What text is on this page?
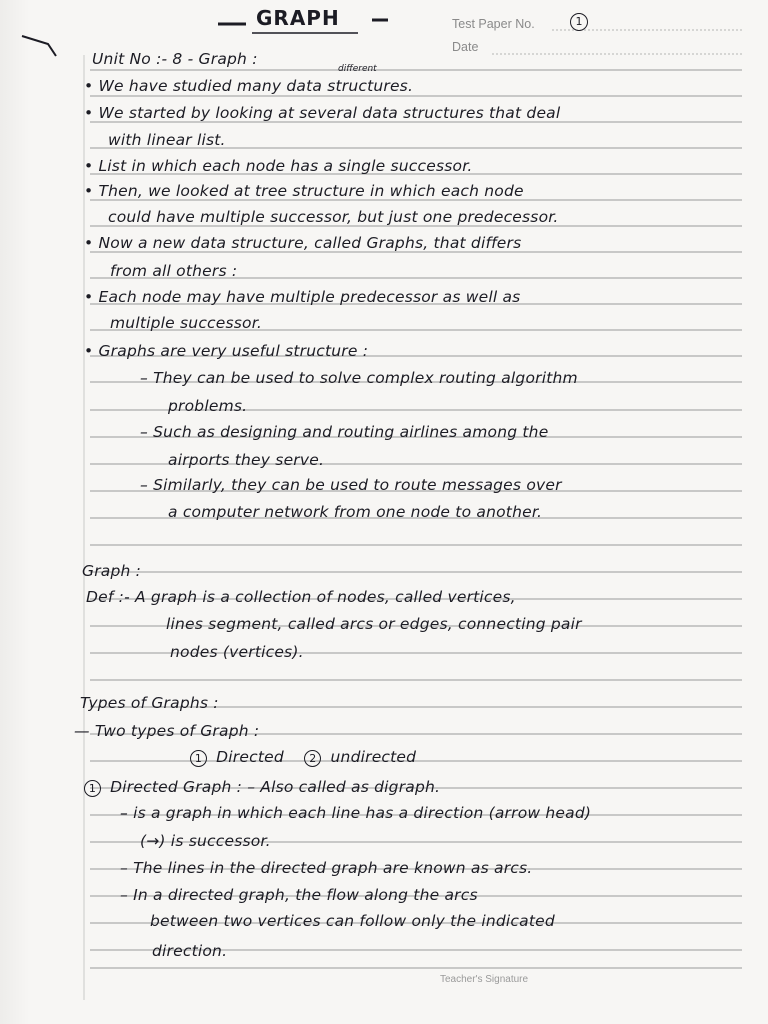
GRAPH	Test Paper No.	1
Date
Unit No :- 8 - Graph :
different
• We have studied many data structures.
• We started by looking at several data structures that deal
with linear list.
• List in which each node has a single successor.
• Then, we looked at tree structure in which each node
could have multiple successor, but just one predecessor.
• Now a new data structure, called Graphs, that differs
from all others :
• Each node may have multiple predecessor as well as
multiple successor.
• Graphs are very useful structure :
– They can be used to solve complex routing algorithm
problems.
– Such as designing and routing airlines among the
airports they serve.
– Similarly, they can be used to route messages over
a computer network from one node to another.
Graph :
Def :- A graph is a collection of nodes, called vertices,
lines segment, called arcs or edges, connecting pair
nodes (vertices).
Types of Graphs :
— Two types of Graph :
1 Directed 2 undirected
1 Directed Graph : – Also called as digraph.
– is a graph in which each line has a direction (arrow head)
(→) is successor.
– The lines in the directed graph are known as arcs.
– In a directed graph, the flow along the arcs
between two vertices can follow only the indicated
direction.
Teacher's Signature
